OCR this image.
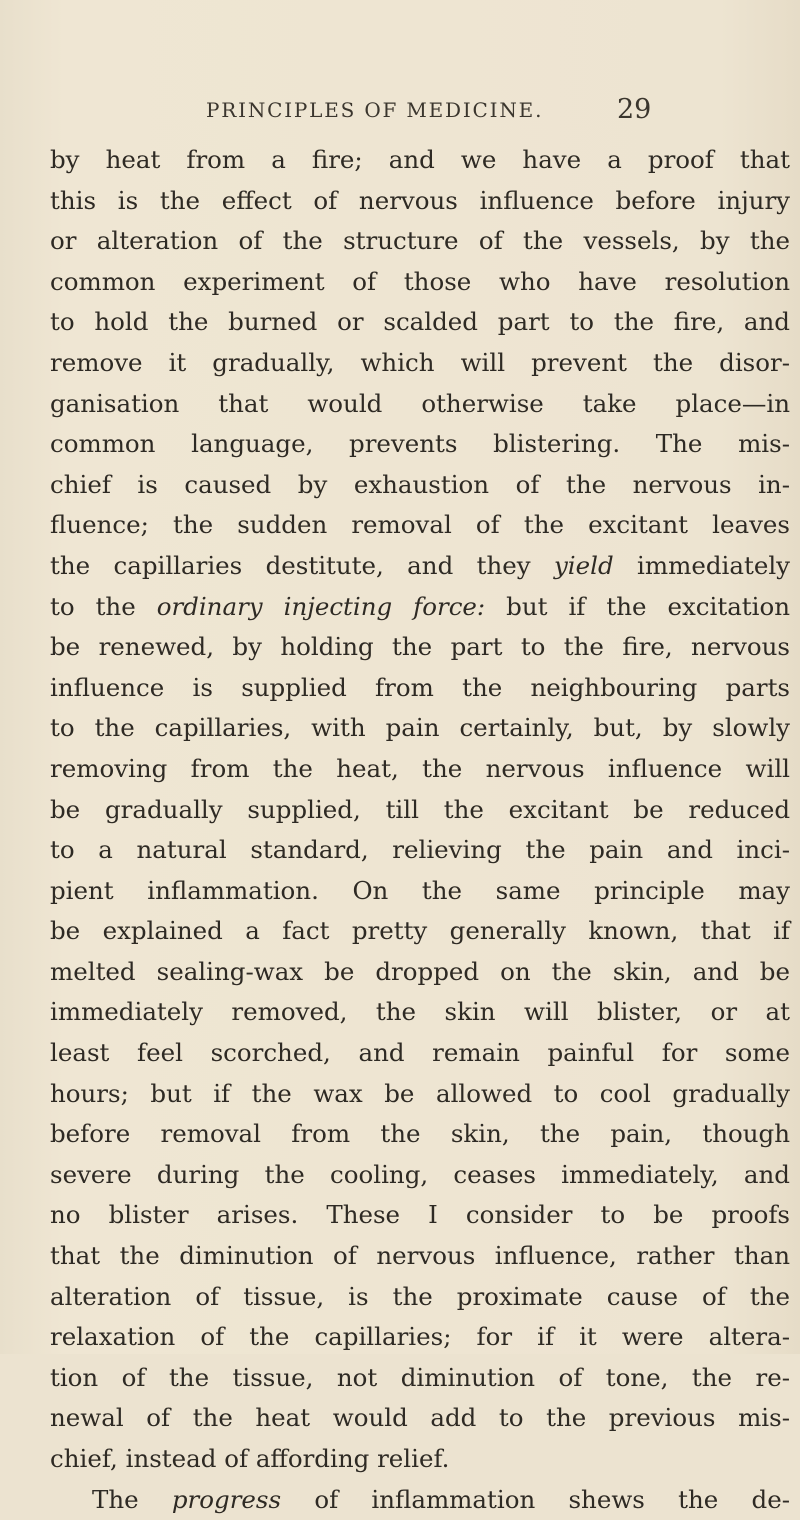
PRINCIPLES OF MEDICINE.	29
by heat from a fire; and we have a proof that
this is the effect of nervous influence before injury
or alteration of the structure of the vessels, by the
common experiment of those who have resolution
to hold the burned or scalded part to the fire, and
remove it gradually, which will prevent the disor-
ganisation that would otherwise take place—in
common language, prevents blistering. The mis-
chief is caused by exhaustion of the nervous in-
fluence; the sudden removal of the excitant leaves
the capillaries destitute, and they yield immediately
to the ordinary injecting force: but if the excitation
be renewed, by holding the part to the fire, nervous
influence is supplied from the neighbouring parts
to the capillaries, with pain certainly, but, by slowly
removing from the heat, the nervous influence will
be gradually supplied, till the excitant be reduced
to a natural standard, relieving the pain and inci-
pient inflammation. On the same principle may
be explained a fact pretty generally known, that if
melted sealing-wax be dropped on the skin, and be
immediately removed, the skin will blister, or at
least feel scorched, and remain painful for some
hours; but if the wax be allowed to cool gradually
before removal from the skin, the pain, though
severe during the cooling, ceases immediately, and
no blister arises. These I consider to be proofs
that the diminution of nervous influence, rather than
alteration of tissue, is the proximate cause of the
relaxation of the capillaries; for if it were altera-
tion of the tissue, not diminution of tone, the re-
newal of the heat would add to the previous mis-
chief, instead of affording relief.
The progress of inflammation shews the de-
